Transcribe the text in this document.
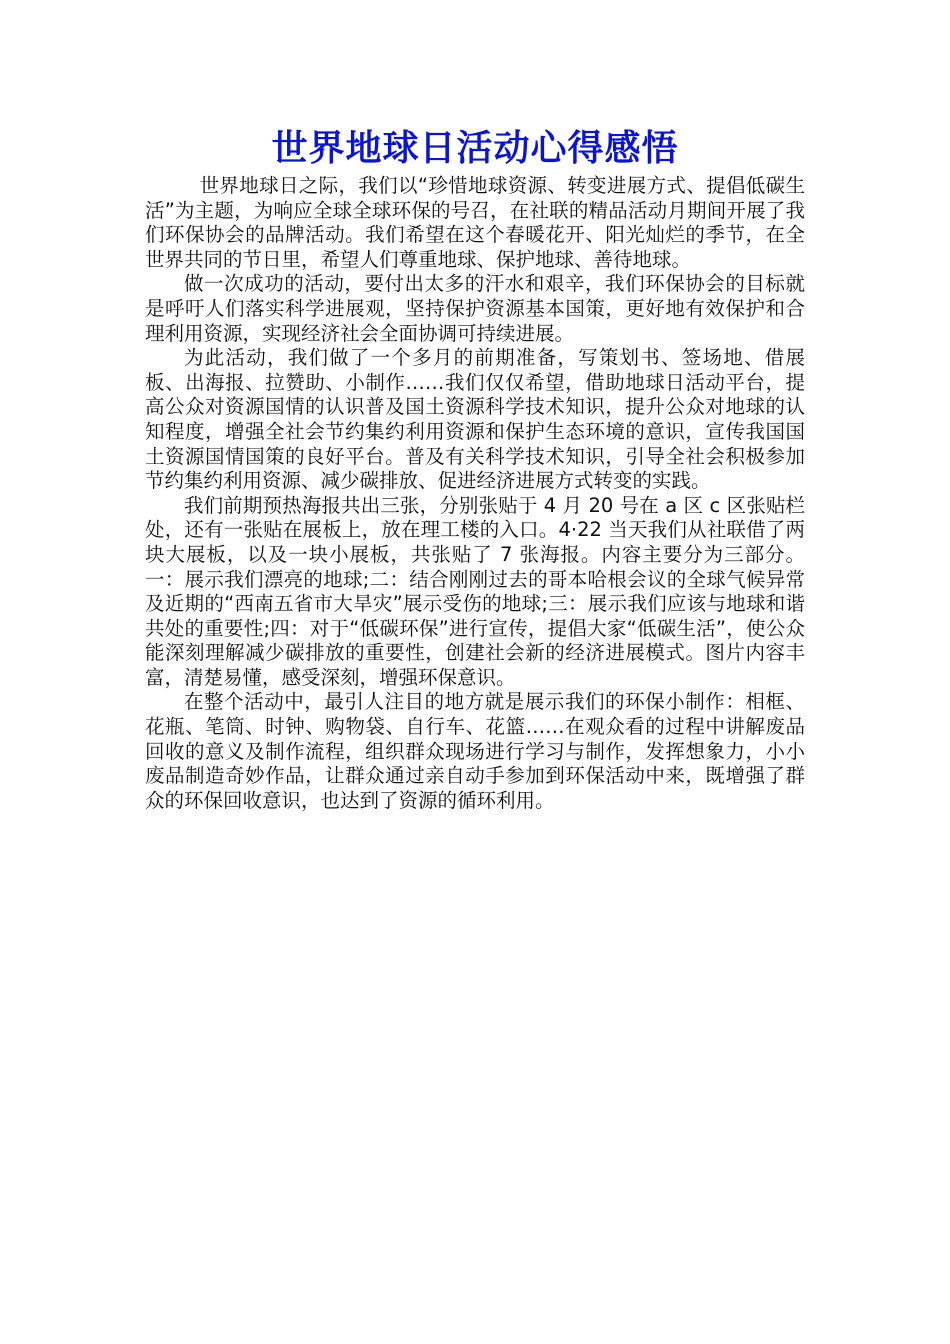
世界地球日活动心得感悟

世界地球日之际，我们以“珍惜地球资源、转变进展方式、提倡低碳生活”为主题，为响应全球全球环保的号召，在社联的精品活动月期间开展了我们环保协会的品牌活动。我们希望在这个春暖花开、阳光灿烂的季节，在全世界共同的节日里，希望人们尊重地球、保护地球、善待地球。

做一次成功的活动，要付出太多的汗水和艰辛，我们环保协会的目标就是呼吁人们落实科学进展观，坚持保护资源基本国策，更好地有效保护和合理利用资源，实现经济社会全面协调可持续进展。

为此活动，我们做了一个多月的前期准备，写策划书、签场地、借展板、出海报、拉赞助、小制作……我们仅仅希望，借助地球日活动平台，提高公众对资源国情的认识普及国土资源科学技术知识，提升公众对地球的认知程度，增强全社会节约集约利用资源和保护生态环境的意识，宣传我国国土资源国情国策的良好平台。普及有关科学技术知识，引导全社会积极参加节约集约利用资源、减少碳排放、促进经济进展方式转变的实践。

我们前期预热海报共出三张，分别张贴于 4 月 20 号在 a 区 c 区张贴栏处，还有一张贴在展板上，放在理工楼的入口。4·22 当天我们从社联借了两块大展板，以及一块小展板，共张贴了 7 张海报。内容主要分为三部分。一：展示我们漂亮的地球;二：结合刚刚过去的哥本哈根会议的全球气候异常及近期的“西南五省市大旱灾”展示受伤的地球;三：展示我们应该与地球和谐共处的重要性;四：对于“低碳环保”进行宣传，提倡大家“低碳生活”，使公众能深刻理解减少碳排放的重要性，创建社会新的经济进展模式。图片内容丰富，清楚易懂，感受深刻，增强环保意识。

在整个活动中，最引人注目的地方就是展示我们的环保小制作：相框、花瓶、笔筒、时钟、购物袋、自行车、花篮……在观众看的过程中讲解废品回收的意义及制作流程，组织群众现场进行学习与制作，发挥想象力，小小废品制造奇妙作品，让群众通过亲自动手参加到环保活动中来，既增强了群众的环保回收意识，也达到了资源的循环利用。
